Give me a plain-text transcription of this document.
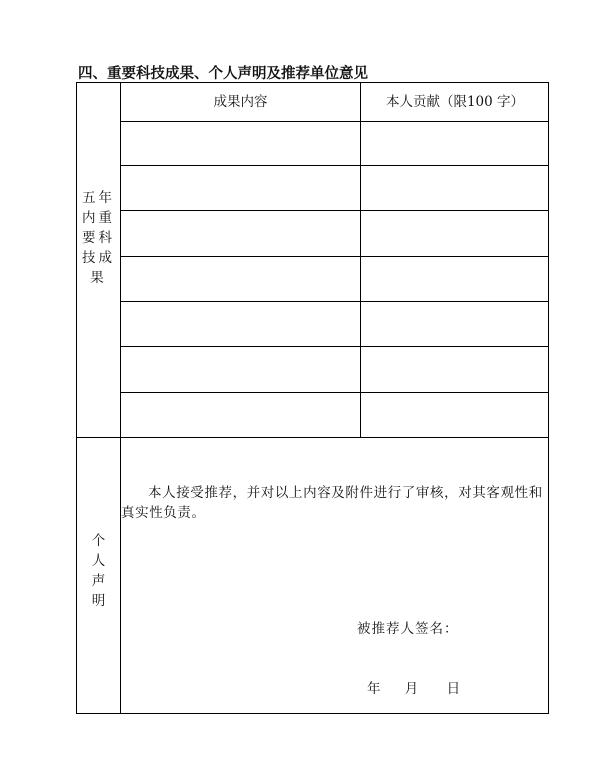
四、重要科技成果、个人声明及推荐单位意见
五年
内重
要科
技成
果
成果内容	本人贡献（限100 字）
个
人
声
明
本人接受推荐，并对以上内容及附件进行了审核，对其客观性和真实性负责。
被推荐人签名：
年 月 日
